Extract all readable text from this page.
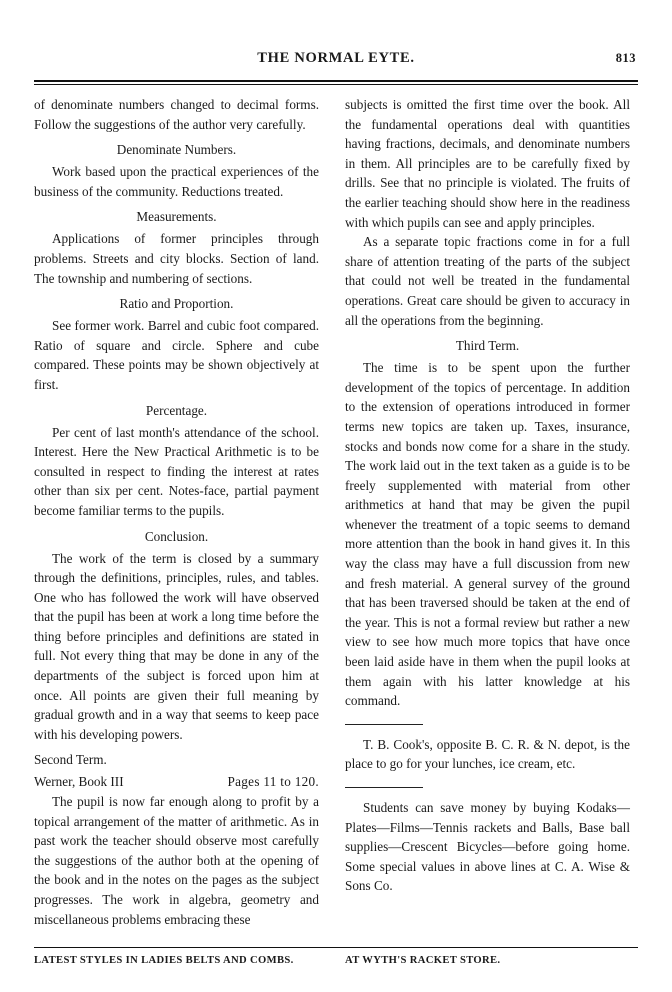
THE NORMAL EYTE.	813

of denominate numbers changed to decimal forms. Follow the suggestions of the author very carefully.

Denominate Numbers.

Work based upon the practical experiences of the business of the community. Reductions treated.

Measurements.

Applications of former principles through problems. Streets and city blocks. Section of land. The township and numbering of sections.

Ratio and Proportion.

See former work. Barrel and cubic foot compared. Ratio of square and circle. Sphere and cube compared. These points may be shown objectively at first.

Percentage.

Per cent of last month's attendance of the school. Interest. Here the New Practical Arithmetic is to be consulted in respect to finding the interest at rates other than six per cent. Notes-face, partial payment become familiar terms to the pupils.

Conclusion.

The work of the term is closed by a summary through the definitions, principles, rules, and tables. One who has followed the work will have observed that the pupil has been at work a long time before the thing before principles and definitions are stated in full. Not every thing that may be done in any of the departments of the subject is forced upon him at once. All points are given their full meaning by gradual growth and in a way that seems to keep pace with his developing powers.

Second Term.
Werner, Book III	Pages 11 to 120.

The pupil is now far enough along to profit by a topical arrangement of the matter of arithmetic. As in past work the teacher should observe most carefully the suggestions of the author both at the opening of the book and in the notes on the pages as the subject progresses. The work in algebra, geometry and miscellaneous problems embracing these

subjects is omitted the first time over the book. All the fundamental operations deal with quantities having fractions, decimals, and denominate numbers in them. All principles are to be carefully fixed by drills. See that no principle is violated. The fruits of the earlier teaching should show here in the readiness with which pupils can see and apply principles.

As a separate topic fractions come in for a full share of attention treating of the parts of the subject that could not well be treated in the fundamental operations. Great care should be given to accuracy in all the operations from the beginning.

Third Term.

The time is to be spent upon the further development of the topics of percentage. In addition to the extension of operations introduced in former terms new topics are taken up. Taxes, insurance, stocks and bonds now come for a share in the study. The work laid out in the text taken as a guide is to be freely supplemented with material from other arithmetics at hand that may be given the pupil whenever the treatment of a topic seems to demand more attention than the book in hand gives it. In this way the class may have a full discussion from new and fresh material. A general survey of the ground that has been traversed should be taken at the end of the year. This is not a formal review but rather a new view to see how much more topics that have once been laid aside have in them when the pupil looks at them again with his latter knowledge at his command.

T. B. Cook's, opposite B. C. R. & N. depot, is the place to go for your lunches, ice cream, etc.

Students can save money by buying Kodaks—Plates—Films—Tennis rackets and Balls, Base ball supplies—Crescent Bicycles—before going home. Some special values in above lines at C. A. Wise & Sons Co.

LATEST STYLES IN LADIES BELTS AND COMBS.	AT WYTH'S RACKET STORE.
